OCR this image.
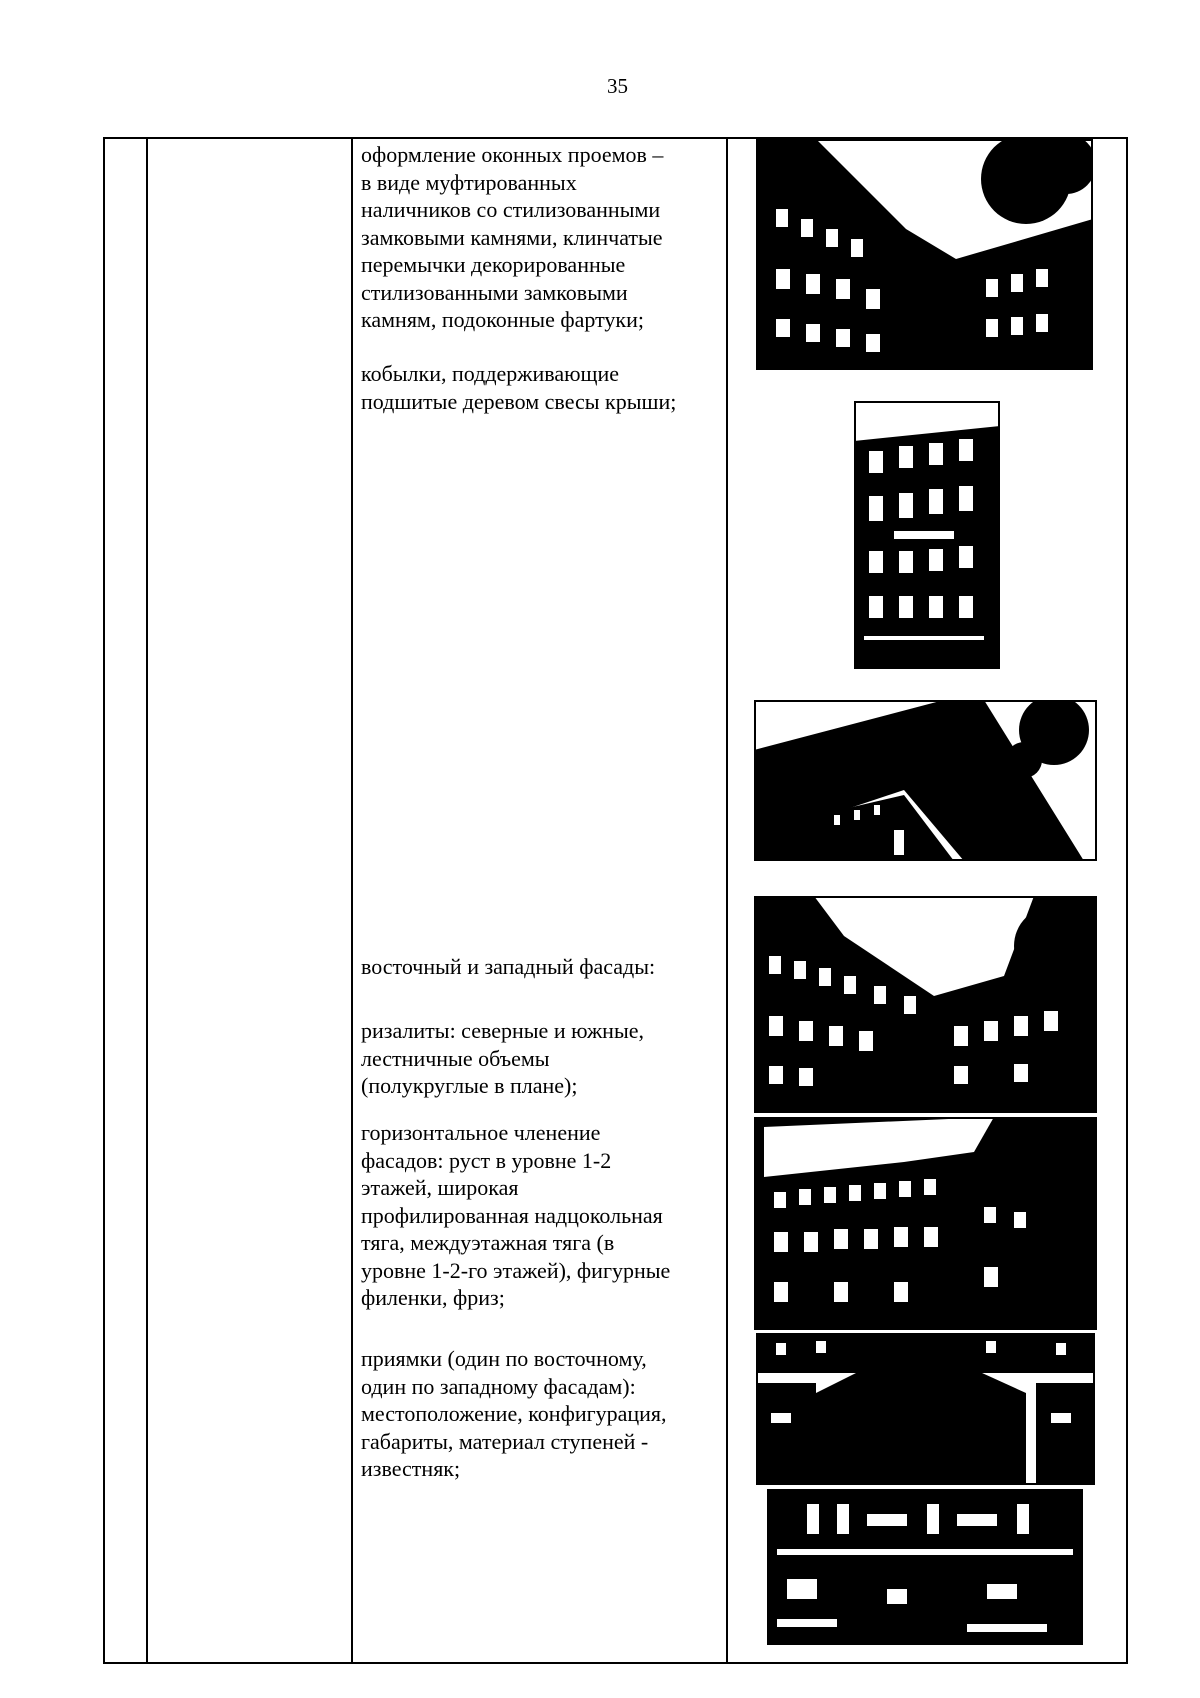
35

оформление оконных проемов –

в виде муфтированных

наличников со стилизованными

замковыми камнями, клинчатые

перемычки декорированные

стилизованными замковыми

камням, подоконные фартуки;

кобылки, поддерживающие

подшитые деревом свесы крыши;

восточный и западный фасады:

ризалиты: северные и южные,

лестничные объемы

(полукруглые в плане);

горизонтальное членение

фасадов: руст в уровне 1-2

этажей, широкая

профилированная надцокольная

тяга, междуэтажная тяга (в

уровне 1-2-го этажей), фигурные

филенки, фриз;

приямки (один по восточному,

один по западному фасадам):

местоположение, конфигурация,

габариты, материал ступеней -

известняк;
